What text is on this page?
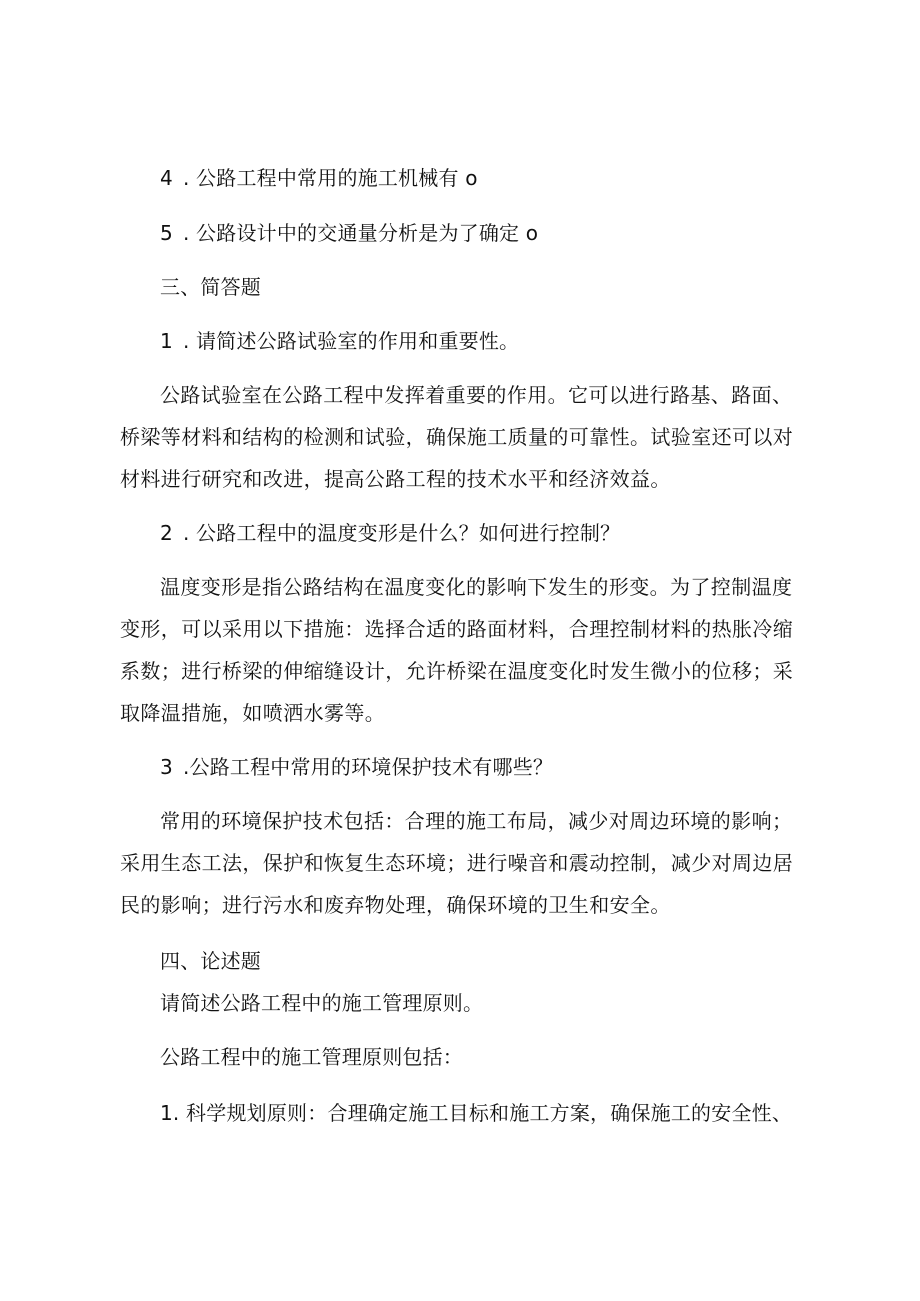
4 . 公路工程中常用的施工机械有 o
5 . 公路设计中的交通量分析是为了确定 o
三、简答题
1 . 请简述公路试验室的作用和重要性。
公路试验室在公路工程中发挥着重要的作用。它可以进行路基、路面、
桥梁等材料和结构的检测和试验，确保施工质量的可靠性。试验室还可以对
材料进行研究和改进，提高公路工程的技术水平和经济效益。
2 . 公路工程中的温度变形是什么？如何进行控制？
温度变形是指公路结构在温度变化的影响下发生的形变。为了控制温度
变形，可以采用以下措施：选择合适的路面材料，合理控制材料的热胀冷缩
系数；进行桥梁的伸缩缝设计，允许桥梁在温度变化时发生微小的位移；采
取降温措施，如喷洒水雾等。
3 .公路工程中常用的环境保护技术有哪些？
常用的环境保护技术包括：合理的施工布局，减少对周边环境的影响；
采用生态工法，保护和恢复生态环境；进行噪音和震动控制，减少对周边居
民的影响；进行污水和废弃物处理，确保环境的卫生和安全。
四、论述题
请简述公路工程中的施工管理原则。
公路工程中的施工管理原则包括：
1. 科学规划原则：合理确定施工目标和施工方案，确保施工的安全性、
